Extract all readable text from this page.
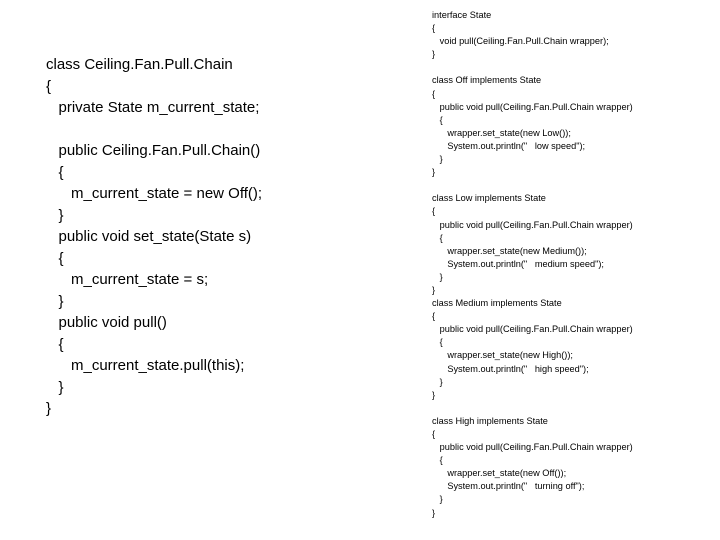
class Ceiling.Fan.Pull.Chain
{
private State m_current_state;

public Ceiling.Fan.Pull.Chain()
{
m_current_state = new Off();
}
public void set_state(State s)
{
m_current_state = s;
}
public void pull()
{
m_current_state.pull(this);
}
}
interface State
{
void pull(Ceiling.Fan.Pull.Chain wrapper);
}

class Off implements State
{
public void pull(Ceiling.Fan.Pull.Chain wrapper)
{
wrapper.set_state(new Low());
System.out.println("   low speed");
}
}

class Low implements State
{
public void pull(Ceiling.Fan.Pull.Chain wrapper)
{
wrapper.set_state(new Medium());
System.out.println("   medium speed");
}
}
class Medium implements State
{
public void pull(Ceiling.Fan.Pull.Chain wrapper)
{
wrapper.set_state(new High());
System.out.println("   high speed");
}
}

class High implements State
{
public void pull(Ceiling.Fan.Pull.Chain wrapper)
{
wrapper.set_state(new Off());
System.out.println("   turning off");
}
}
